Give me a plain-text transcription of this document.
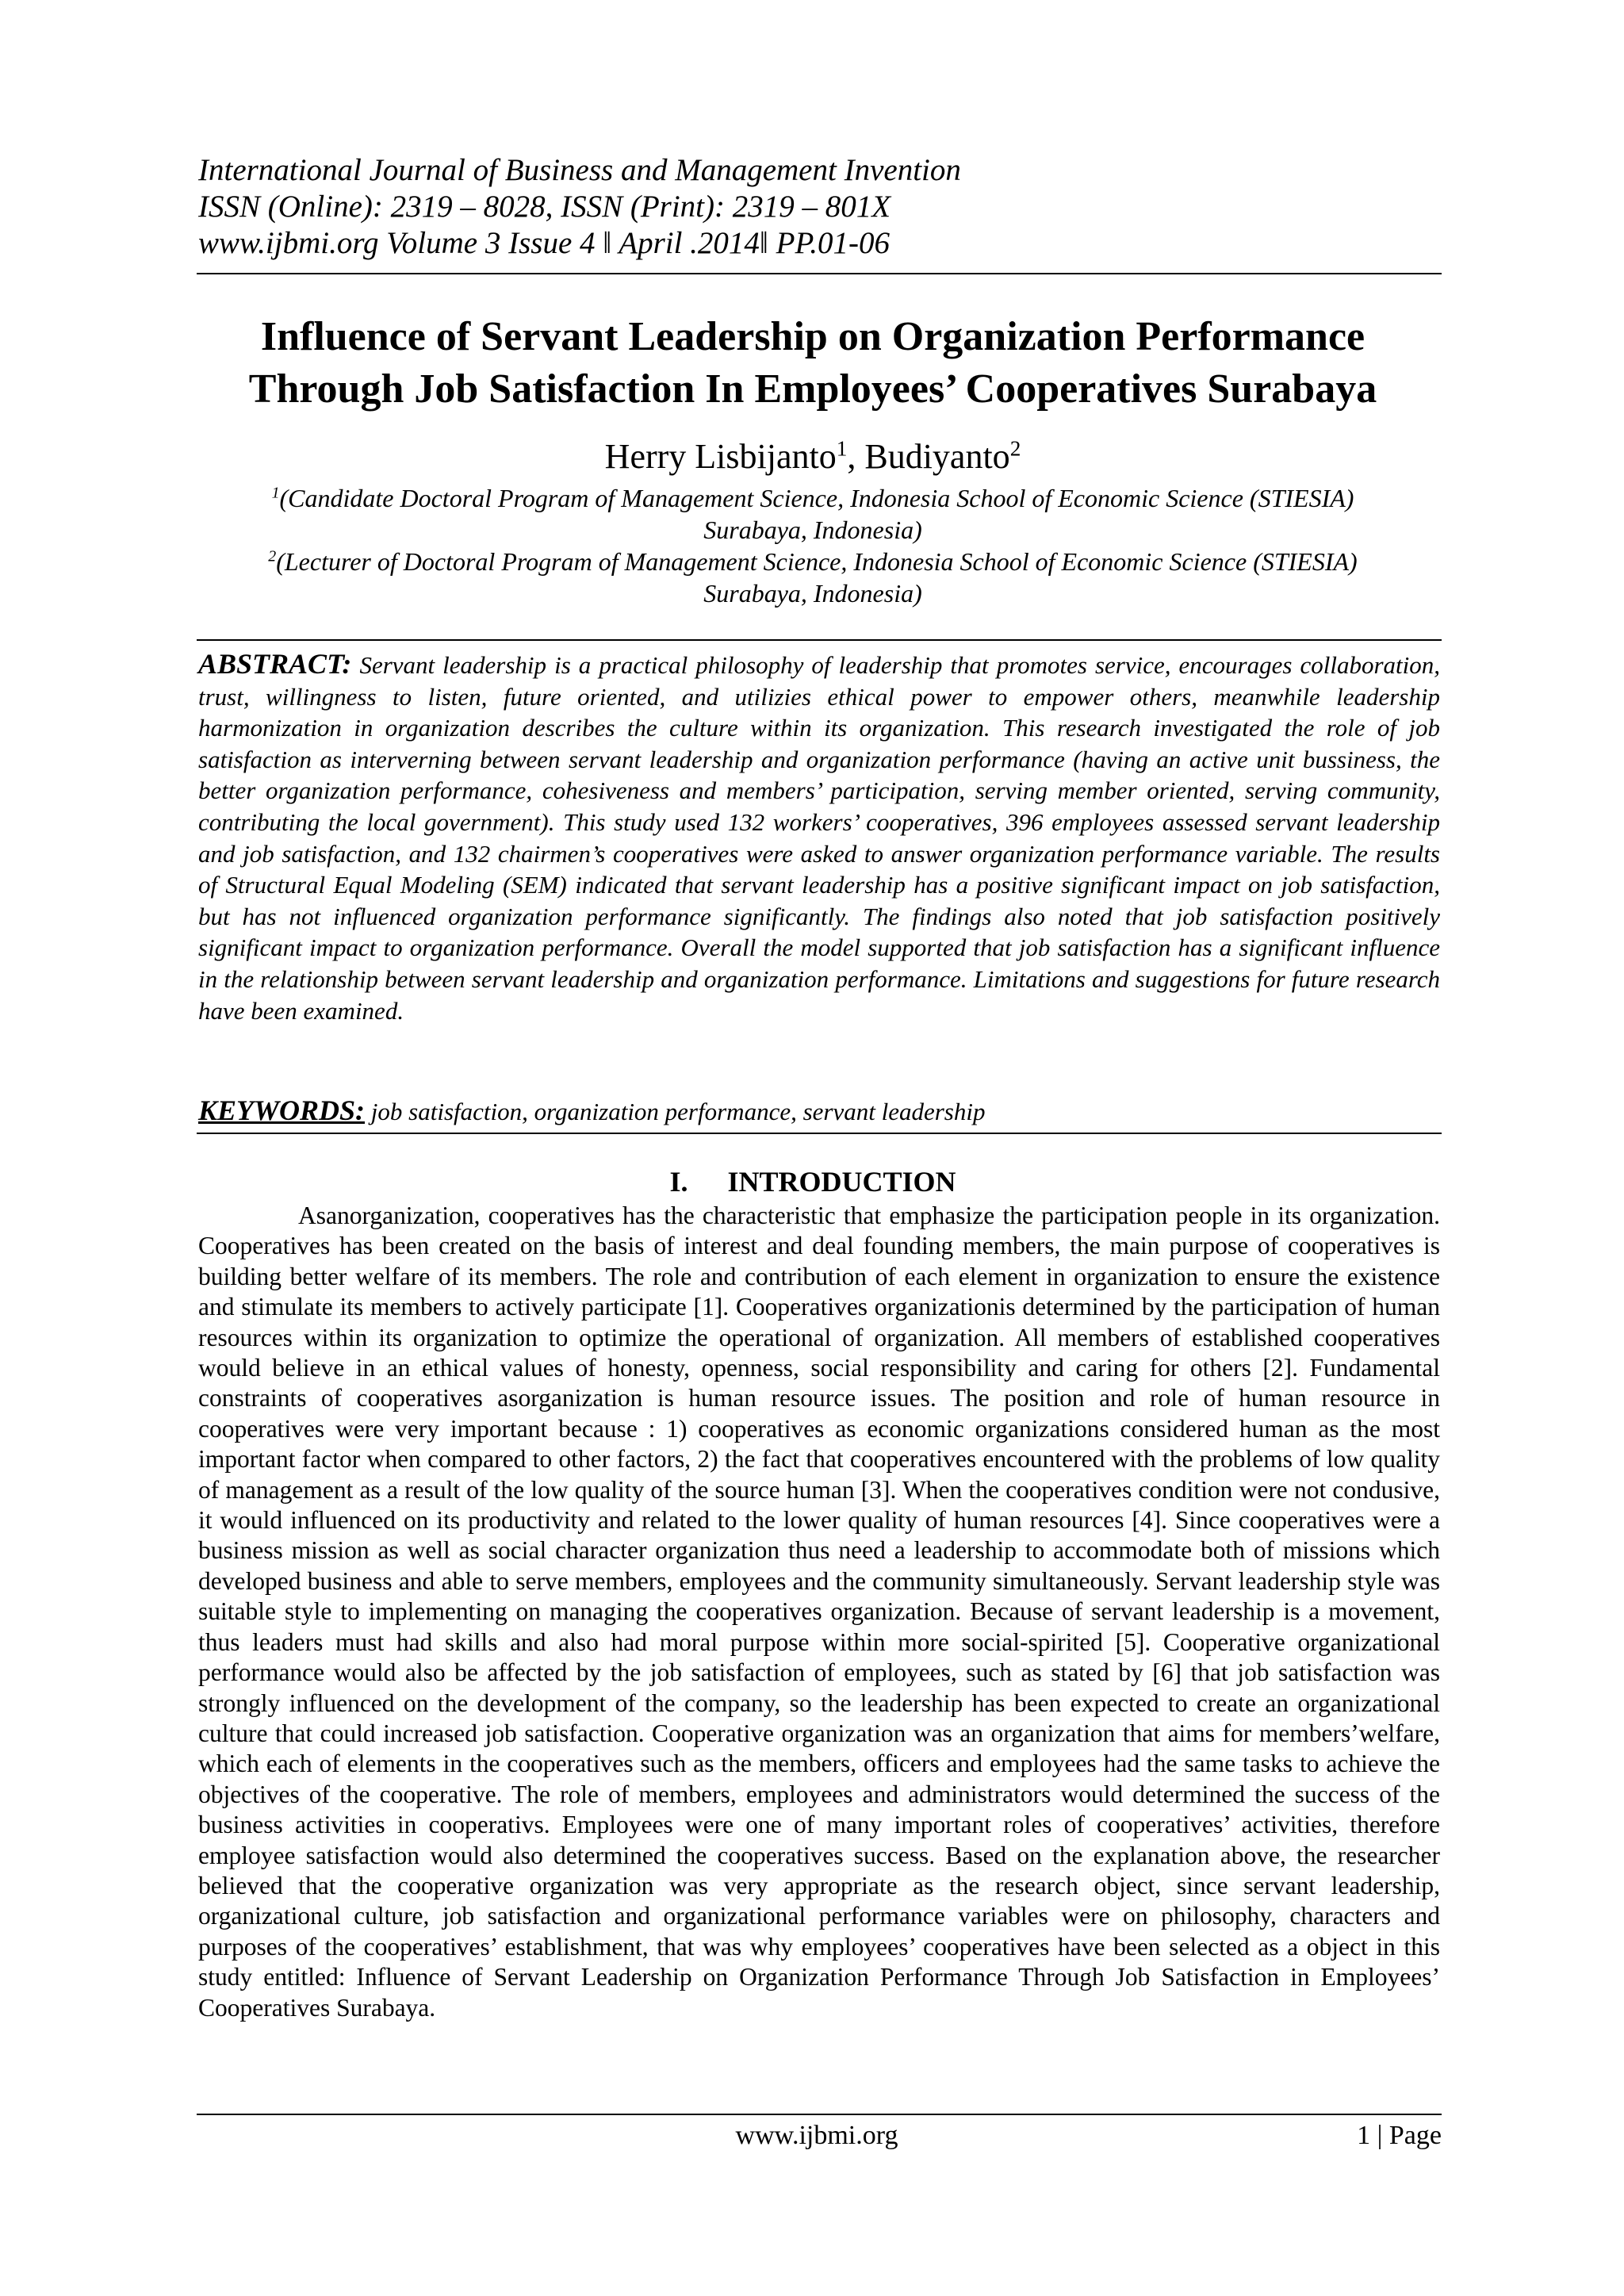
International Journal of Business and Management Invention
ISSN (Online): 2319 – 8028, ISSN (Print): 2319 – 801X
www.ijbmi.org Volume 3 Issue 4 ǁ April .2014ǁ PP.01-06
Influence of Servant Leadership on Organization Performance
Through Job Satisfaction In Employees’ Cooperatives Surabaya
Herry Lisbijanto$^1$, Budiyanto$^2$
$^1$(Candidate Doctoral Program of Management Science, Indonesia School of Economic Science (STIESIA)
Surabaya, Indonesia)
$^2$(Lecturer of Doctoral Program of Management Science, Indonesia School of Economic Science (STIESIA)
Surabaya, Indonesia)
ABSTRACT: Servant leadership is a practical philosophy of leadership that promotes service, encourages collaboration, trust, willingness to listen, future oriented, and utilizies ethical power to empower others, meanwhile leadership harmonization in organization describes the culture within its organization. This research investigated the role of job satisfaction as interverning between servant leadership and organization performance (having an active unit bussiness, the better organization performance, cohesiveness and members’ participation, serving member oriented, serving community, contributing the local government). This study used 132 workers’ cooperatives, 396 employees assessed servant leadership and job satisfaction, and 132 chairmen’s cooperatives were asked to answer organization performance variable. The results of Structural Equal Modeling (SEM) indicated that servant leadership has a positive significant impact on job satisfaction, but has not influenced organization performance significantly. The findings also noted that job satisfaction positively significant impact to organization performance. Overall the model supported that job satisfaction has a significant influence in the relationship between servant leadership and organization performance. Limitations and suggestions for future research have been examined.
KEYWORDS: job satisfaction, organization performance, servant leadership
I. INTRODUCTION
Asanorganization, cooperatives has the characteristic that emphasize the participation people in its organization. Cooperatives has been created on the basis of interest and deal founding members, the main purpose of cooperatives is building better welfare of its members. The role and contribution of each element in organization to ensure the existence and stimulate its members to actively participate [1]. Cooperatives organizationis determined by the participation of human resources within its organization to optimize the operational of organization. All members of established cooperatives would believe in an ethical values of honesty, openness, social responsibility and caring for others [2]. Fundamental constraints of cooperatives asorganization is human resource issues. The position and role of human resource in cooperatives were very important because : 1) cooperatives as economic organizations considered human as the most important factor when compared to other factors, 2) the fact that cooperatives encountered with the problems of low quality of management as a result of the low quality of the source human [3]. When the cooperatives condition were not condusive, it would influenced on its productivity and related to the lower quality of human resources [4]. Since cooperatives were a business mission as well as social character organization thus need a leadership to accommodate both of missions which developed business and able to serve members, employees and the community simultaneously. Servant leadership style was suitable style to implementing on managing the cooperatives organization. Because of servant leadership is a movement, thus leaders must had skills and also had moral purpose within more social-spirited [5]. Cooperative organizational performance would also be affected by the job satisfaction of employees, such as stated by [6] that job satisfaction was strongly influenced on the development of the company, so the leadership has been expected to create an organizational culture that could increased job satisfaction. Cooperative organization was an organization that aims for members’welfare, which each of elements in the cooperatives such as the members, officers and employees had the same tasks to achieve the objectives of the cooperative. The role of members, employees and administrators would determined the success of the business activities in cooperativs. Employees were one of many important roles of cooperatives’ activities, therefore employee satisfaction would also determined the cooperatives success. Based on the explanation above, the researcher believed that the cooperative organization was very appropriate as the research object, since servant leadership, organizational culture, job satisfaction and organizational performance variables were on philosophy, characters and purposes of the cooperatives’ establishment, that was why employees’ cooperatives have been selected as a object in this study entitled: Influence of Servant Leadership on Organization Performance Through Job Satisfaction in Employees’ Cooperatives Surabaya.
www.ijbmi.org	1 | Page
